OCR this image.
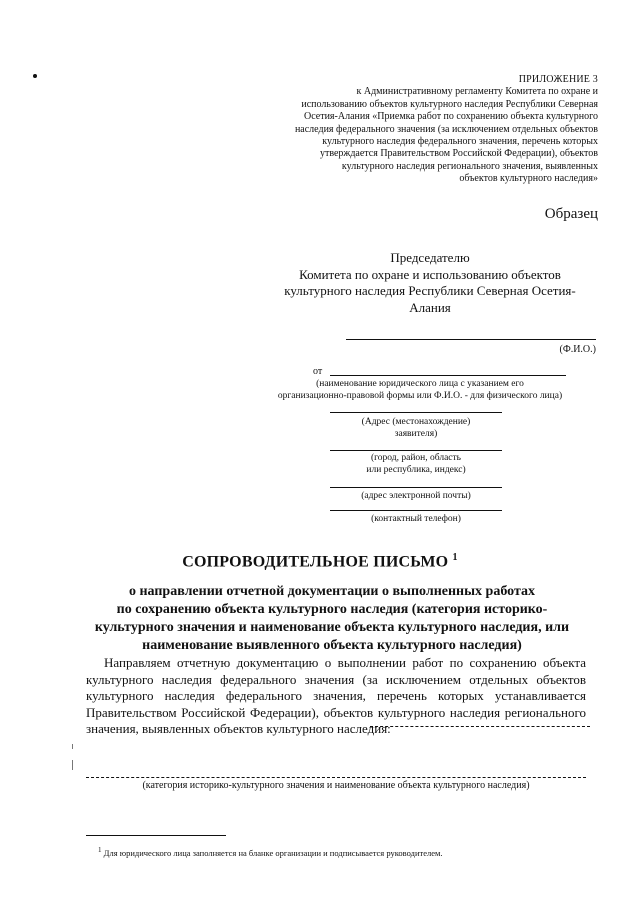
ПРИЛОЖЕНИЕ 3
к Административному регламенту Комитета по охране и
использованию объектов культурного наследия Республики Северная
Осетия-Алания «Приемка работ по сохранению объекта культурного
наследия федерального значения (за исключением отдельных объектов
культурного наследия федерального значения, перечень которых
утверждается Правительством Российской Федерации), объектов
культурного наследия регионального значения, выявленных
объектов культурного наследия»
Образец
Председателю
Комитета по охране и использованию объектов
культурного наследия Республики Северная Осетия-
Алания
(Ф.И.О.)
от
(наименование юридического лица с указанием его
организационно-правовой формы или Ф.И.О. - для физического лица)
(Адрес (местонахождение)
заявителя)
(город, район, область
или республика, индекс)
(адрес электронной почты)
(контактный телефон)
СОПРОВОДИТЕЛЬНОЕ ПИСЬМО $^1$
о направлении отчетной документации о выполненных работах
по сохранению объекта культурного наследия (категория историко-
культурного значения и наименование объекта культурного наследия, или
наименование выявленного объекта культурного наследия)

Направляем отчетную документацию о выполнении работ по сохранению объекта культурного наследия федерального значения (за исключением отдельных объектов культурного наследия федерального значения, перечень которых устанавливается Правительством Российской Федерации), объектов культурного наследия регионального значения, выявленных объектов культурного наследия:

(категория историко-культурного значения и наименование объекта культурного наследия)
$^1$ Для юридического лица заполняется на бланке организации и подписывается руководителем.
